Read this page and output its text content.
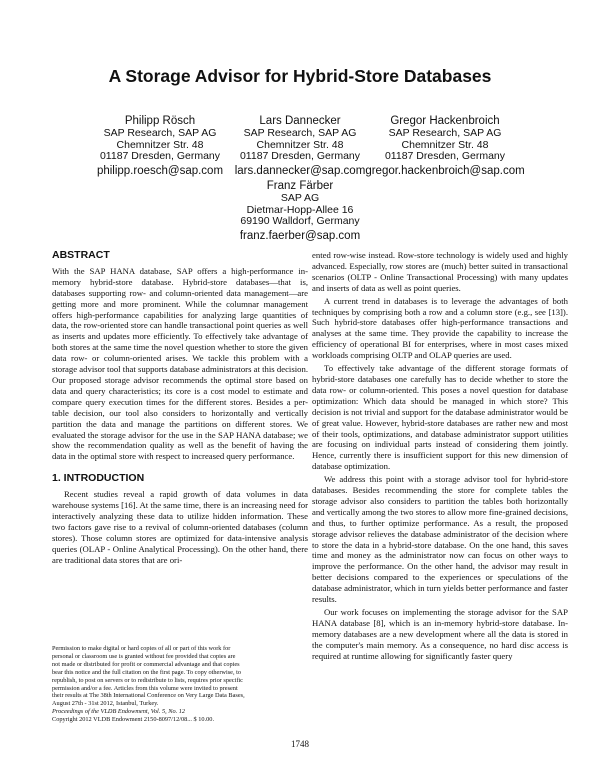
A Storage Advisor for Hybrid-Store Databases
Philipp Rösch
SAP Research, SAP AG
Chemnitzer Str. 48
01187 Dresden, Germany
philipp.roesch@sap.com
Lars Dannecker
SAP Research, SAP AG
Chemnitzer Str. 48
01187 Dresden, Germany
lars.dannecker@sap.com
Gregor Hackenbroich
SAP Research, SAP AG
Chemnitzer Str. 48
01187 Dresden, Germany
gregor.hackenbroich@sap.com
Franz Färber
SAP AG
Dietmar-Hopp-Allee 16
69190 Walldorf, Germany
franz.faerber@sap.com
ABSTRACT

With the SAP HANA database, SAP offers a high-performance in-memory hybrid-store database. Hybrid-store databases—that is, databases supporting row- and column-oriented data management—are getting more and more prominent. While the columnar management offers high-performance capabilities for analyzing large quantities of data, the row-oriented store can handle transactional point queries as well as inserts and updates more efficiently. To effectively take advantage of both stores at the same time the novel question whether to store the given data row- or column-oriented arises. We tackle this problem with a storage advisor tool that supports database administrators at this decision. Our proposed storage advisor recommends the optimal store based on data and query characteristics; its core is a cost model to estimate and compare query execution times for the different stores. Besides a per-table decision, our tool also considers to horizontally and vertically partition the data and manage the partitions on different stores. We evaluated the storage advisor for the use in the SAP HANA database; we show the recommendation quality as well as the benefit of having the data in the optimal store with respect to increased query performance.

1. INTRODUCTION

Recent studies reveal a rapid growth of data volumes in data warehouse systems [16]. At the same time, there is an increasing need for interactively analyzing these data to utilize hidden information. These two factors gave rise to a revival of column-oriented databases (column stores). Those column stores are optimized for data-intensive analysis queries (OLAP - Online Analytical Processing). On the other hand, there are traditional data stores that are ori-

Permission to make digital or hard copies of all or part of this work for
personal or classroom use is granted without fee provided that copies are
not made or distributed for profit or commercial advantage and that copies
bear this notice and the full citation on the first page. To copy otherwise, to
republish, to post on servers or to redistribute to lists, requires prior specific
permission and/or a fee. Articles from this volume were invited to present
their results at The 38th International Conference on Very Large Data Bases,
August 27th - 31st 2012, Istanbul, Turkey.
Proceedings of the VLDB Endowment, Vol. 5, No. 12
Copyright 2012 VLDB Endowment 2150-8097/12/08... $ 10.00.

ented row-wise instead. Row-store technology is widely used and highly advanced. Especially, row stores are (much) better suited in transactional scenarios (OLTP - Online Transactional Processing) with many updates and inserts of data as well as point queries.

A current trend in databases is to leverage the advantages of both techniques by comprising both a row and a column store (e.g., see [13]). Such hybrid-store databases offer high-performance transactions and analyses at the same time. They provide the capability to increase the efficiency of operational BI for enterprises, where in most cases mixed workloads comprising OLTP and OLAP queries are used.

To effectively take advantage of the different storage formats of hybrid-store databases one carefully has to decide whether to store the data row- or column-oriented. This poses a novel question for database optimization: Which data should be managed in which store? This decision is not trivial and support for the database administrator would be of great value. However, hybrid-store databases are rather new and most of their tools, optimizations, and database administrator support utilities are focusing on individual parts instead of considering them jointly. Hence, currently there is insufficient support for this new dimension of database optimization.

We address this point with a storage advisor tool for hybrid-store databases. Besides recommending the store for complete tables the storage advisor also considers to partition the tables both horizontally and vertically among the two stores to allow more fine-grained decisions, and thus, to further optimize performance. As a result, the proposed storage advisor relieves the database administrator of the decision where to store the data in a hybrid-store database. On the one hand, this saves time and money as the administrator now can focus on other ways to improve the performance. On the other hand, the advisor may result in better decisions compared to the experiences or speculations of the database administrator, which in turn yields better performance and faster results.

Our work focuses on implementing the storage advisor for the SAP HANA database [8], which is an in-memory hybrid-store database. In-memory databases are a new development where all the data is stored in the computer's main memory. As a consequence, no hard disc access is required at runtime allowing for significantly faster query

1748
